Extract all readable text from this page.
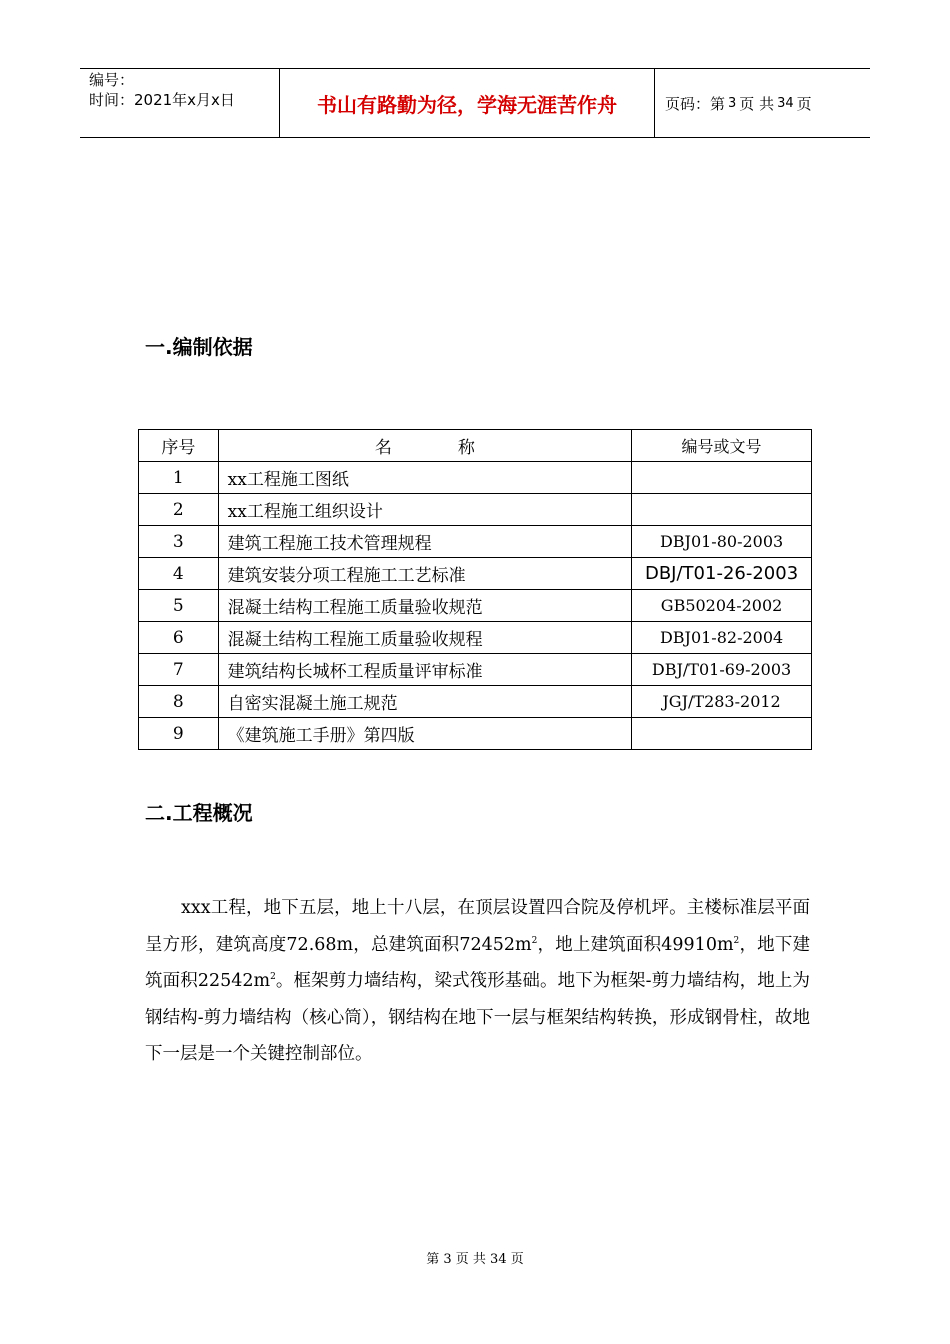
编号：
时间：2021年x月x日	书山有路勤为径，学海无涯苦作舟	页码：第 3 页 共 34 页
一.编制依据
序号	名 称	编号或文号
1	xx工程施工图纸	
2	xx工程施工组织设计	
3	建筑工程施工技术管理规程	DBJ01-80-2003
4	建筑安装分项工程施工工艺标准	DBJ/T01-26-2003
5	混凝土结构工程施工质量验收规范	GB50204-2002
6	混凝土结构工程施工质量验收规程	DBJ01-82-2004
7	建筑结构长城杯工程质量评审标准	DBJ/T01-69-2003
8	自密实混凝土施工规范	JGJ/T283-2012
9	《建筑施工手册》第四版	
二.工程概况
xxx工程，地下五层，地上十八层，在顶层设置四合院及停机坪。主楼标准层平面呈方形，建筑高度72.68m，总建筑面积$72452m^2$，地上建筑面积$49910m^2$，地下建筑面积$22542m^2$。框架剪力墙结构，梁式筏形基础。地下为框架-剪力墙结构，地上为钢结构-剪力墙结构（核心筒），钢结构在地下一层与框架结构转换，形成钢骨柱，故地下一层是一个关键控制部位。
第 3 页 共 34 页
